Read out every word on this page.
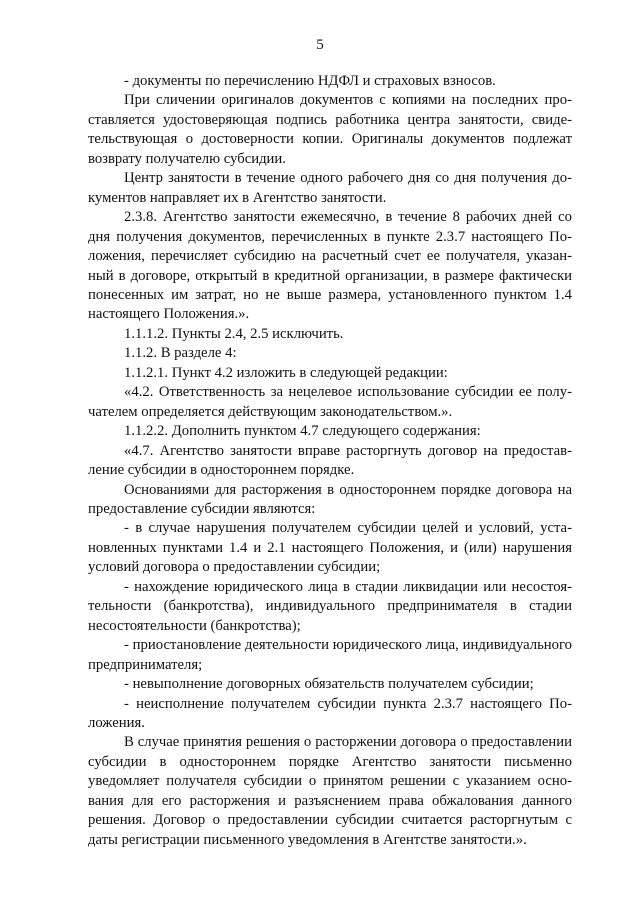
5

- документы по перечислению НДФЛ и страховых взносов.

При сличении оригиналов документов с копиями на последних проставляется удостоверяющая подпись работника центра занятости, свидетельствующая о достоверности копии. Оригиналы документов подлежат возврату получателю субсидии.

Центр занятости в течение одного рабочего дня со дня получения документов направляет их в Агентство занятости.

2.3.8. Агентство занятости ежемесячно, в течение 8 рабочих дней со дня получения документов, перечисленных в пункте 2.3.7 настоящего Положения, перечисляет субсидию на расчетный счет ее получателя, указанный в договоре, открытый в кредитной организации, в размере фактически понесенных им затрат, но не выше размера, установленного пунктом 1.4 настоящего Положения.».

1.1.1.2. Пункты 2.4, 2.5 исключить.

1.1.2. В разделе 4:

1.1.2.1. Пункт 4.2 изложить в следующей редакции:

«4.2. Ответственность за нецелевое использование субсидии ее получателем определяется действующим законодательством.».

1.1.2.2. Дополнить пунктом 4.7 следующего содержания:

«4.7. Агентство занятости вправе расторгнуть договор на предоставление субсидии в одностороннем порядке.

Основаниями для расторжения в одностороннем порядке договора на предоставление субсидии являются:

- в случае нарушения получателем субсидии целей и условий, установленных пунктами 1.4 и 2.1 настоящего Положения, и (или) нарушения условий договора о предоставлении субсидии;

- нахождение юридического лица в стадии ликвидации или несостоятельности (банкротства), индивидуального предпринимателя в стадии несостоятельности (банкротства);

- приостановление деятельности юридического лица, индивидуального предпринимателя;

- невыполнение договорных обязательств получателем субсидии;

- неисполнение получателем субсидии пункта 2.3.7 настоящего Положения.

В случае принятия решения о расторжении договора о предоставлении субсидии в одностороннем порядке Агентство занятости письменно уведомляет получателя субсидии о принятом решении с указанием основания для его расторжения и разъяснением права обжалования данного решения. Договор о предоставлении субсидии считается расторгнутым с даты регистрации письменного уведомления в Агентстве занятости.».
